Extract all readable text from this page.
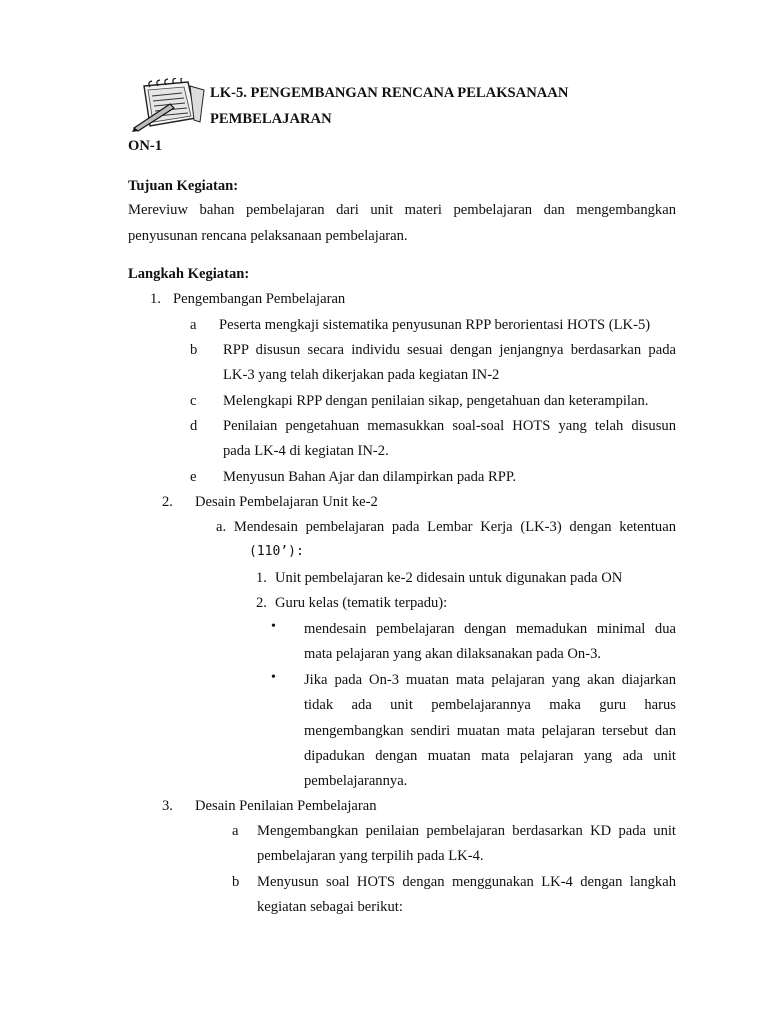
LK-5. PENGEMBANGAN RENCANA PELAKSANAAN
PEMBELAJARAN
ON-1
Tujuan Kegiatan:
Mereviuw bahan pembelajaran dari unit materi pembelajaran dan mengembangkan
penyusunan rencana pelaksanaan pembelajaran.
Langkah Kegiatan:
1. Pengembangan Pembelajaran
a Peserta mengkaji sistematika penyusunan RPP berorientasi HOTS (LK-5)
b RPP disusun secara individu sesuai dengan jenjangnya berdasarkan pada
LK-3 yang telah dikerjakan pada kegiatan IN-2
c Melengkapi RPP dengan penilaian sikap, pengetahuan dan keterampilan.
d Penilaian pengetahuan memasukkan soal-soal HOTS yang telah disusun
pada LK-4 di kegiatan IN-2.
e Menyusun Bahan Ajar dan dilampirkan pada RPP.
2. Desain Pembelajaran Unit ke-2
a. Mendesain pembelajaran pada Lembar Kerja (LK-3) dengan ketentuan
(110’):
1. Unit pembelajaran ke-2 didesain untuk digunakan pada ON
2. Guru kelas (tematik terpadu):
• mendesain pembelajaran dengan memadukan minimal dua
mata pelajaran yang akan dilaksanakan pada On-3.
• Jika pada On-3 muatan mata pelajaran yang akan diajarkan
tidak ada unit pembelajarannya maka guru harus
mengembangkan sendiri muatan mata pelajaran tersebut dan
dipadukan dengan muatan mata pelajaran yang ada unit
pembelajarannya.
3. Desain Penilaian Pembelajaran
a Mengembangkan penilaian pembelajaran berdasarkan KD pada unit
pembelajaran yang terpilih pada LK-4.
b Menyusun soal HOTS dengan menggunakan LK-4 dengan langkah
kegiatan sebagai berikut:
